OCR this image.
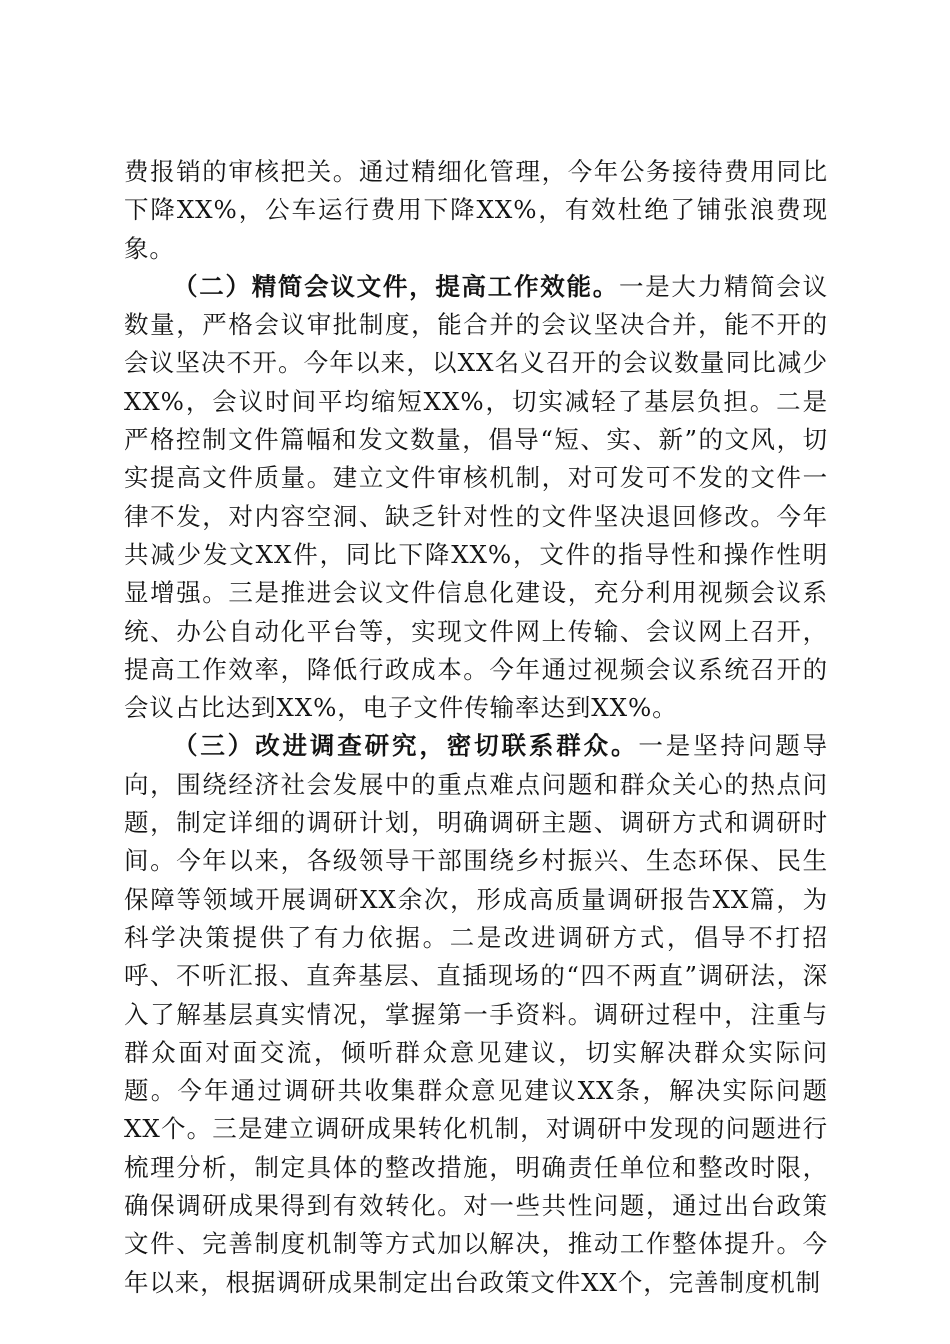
费报销的审核把关。通过精细化管理，今年公务接待费用同比下降XX%，公车运行费用下降XX%，有效杜绝了铺张浪费现象。

（二）精简会议文件，提高工作效能。一是大力精简会议数量，严格会议审批制度，能合并的会议坚决合并，能不开的会议坚决不开。今年以来，以XX名义召开的会议数量同比减少XX%，会议时间平均缩短XX%，切实减轻了基层负担。二是严格控制文件篇幅和发文数量，倡导“短、实、新”的文风，切实提高文件质量。建立文件审核机制，对可发可不发的文件一律不发，对内容空洞、缺乏针对性的文件坚决退回修改。今年共减少发文XX件，同比下降XX%，文件的指导性和操作性明显增强。三是推进会议文件信息化建设，充分利用视频会议系统、办公自动化平台等，实现文件网上传输、会议网上召开，提高工作效率，降低行政成本。今年通过视频会议系统召开的会议占比达到XX%，电子文件传输率达到XX%。

（三）改进调查研究，密切联系群众。一是坚持问题导向，围绕经济社会发展中的重点难点问题和群众关心的热点问题，制定详细的调研计划，明确调研主题、调研方式和调研时间。今年以来，各级领导干部围绕乡村振兴、生态环保、民生保障等领域开展调研XX余次，形成高质量调研报告XX篇，为科学决策提供了有力依据。二是改进调研方式，倡导不打招呼、不听汇报、直奔基层、直插现场的“四不两直”调研法，深入了解基层真实情况，掌握第一手资料。调研过程中，注重与群众面对面交流，倾听群众意见建议，切实解决群众实际问题。今年通过调研共收集群众意见建议XX条，解决实际问题XX个。三是建立调研成果转化机制，对调研中发现的问题进行梳理分析，制定具体的整改措施，明确责任单位和整改时限，确保调研成果得到有效转化。对一些共性问题，通过出台政策文件、完善制度机制等方式加以解决，推动工作整体提升。今年以来，根据调研成果制定出台政策文件XX个，完善制度机制
